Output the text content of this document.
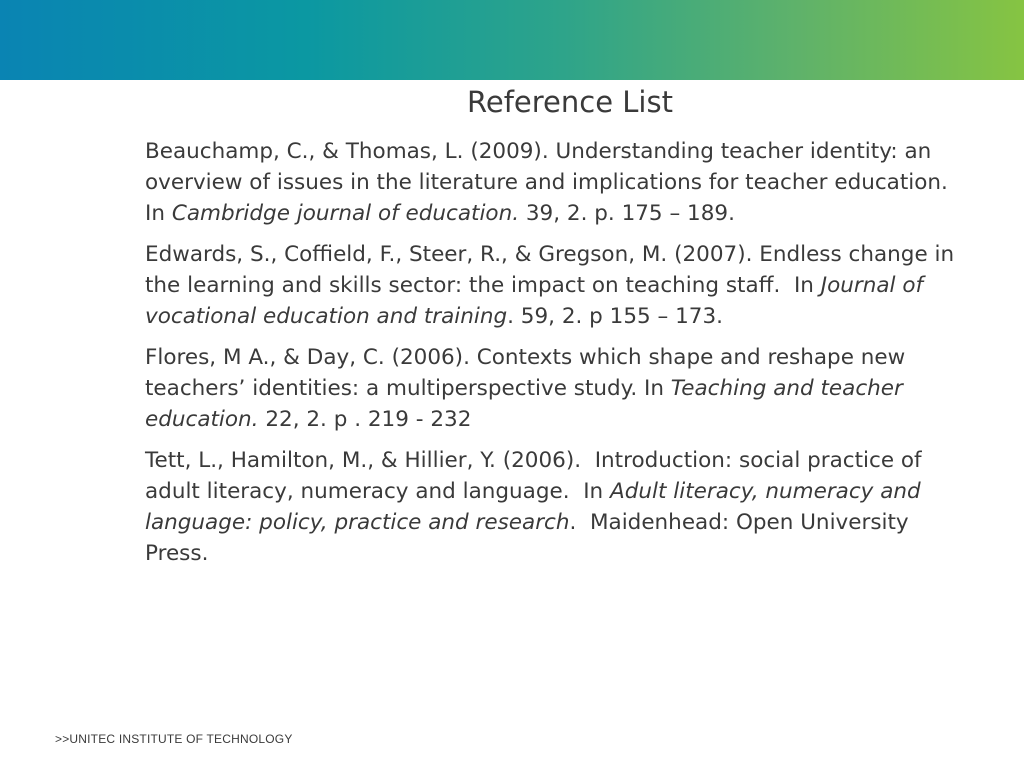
Reference List

Beauchamp, C., & Thomas, L. (2009). Understanding teacher identity: an overview of issues in the literature and implications for teacher education. In Cambridge journal of education. 39, 2. p. 175 – 189.

Edwards, S., Coffield, F., Steer, R., & Gregson, M. (2007). Endless change in the learning and skills sector: the impact on teaching staff.  In Journal of vocational education and training. 59, 2. p 155 – 173.

Flores, M A., & Day, C. (2006). Contexts which shape and reshape new teachers’ identities: a multiperspective study. In Teaching and teacher education. 22, 2. p . 219 - 232

Tett, L., Hamilton, M., & Hillier, Y. (2006).  Introduction: social practice of adult literacy, numeracy and language.  In Adult literacy, numeracy and language: policy, practice and research.  Maidenhead: Open University Press.

>>UNITEC INSTITUTE OF TECHNOLOGY
